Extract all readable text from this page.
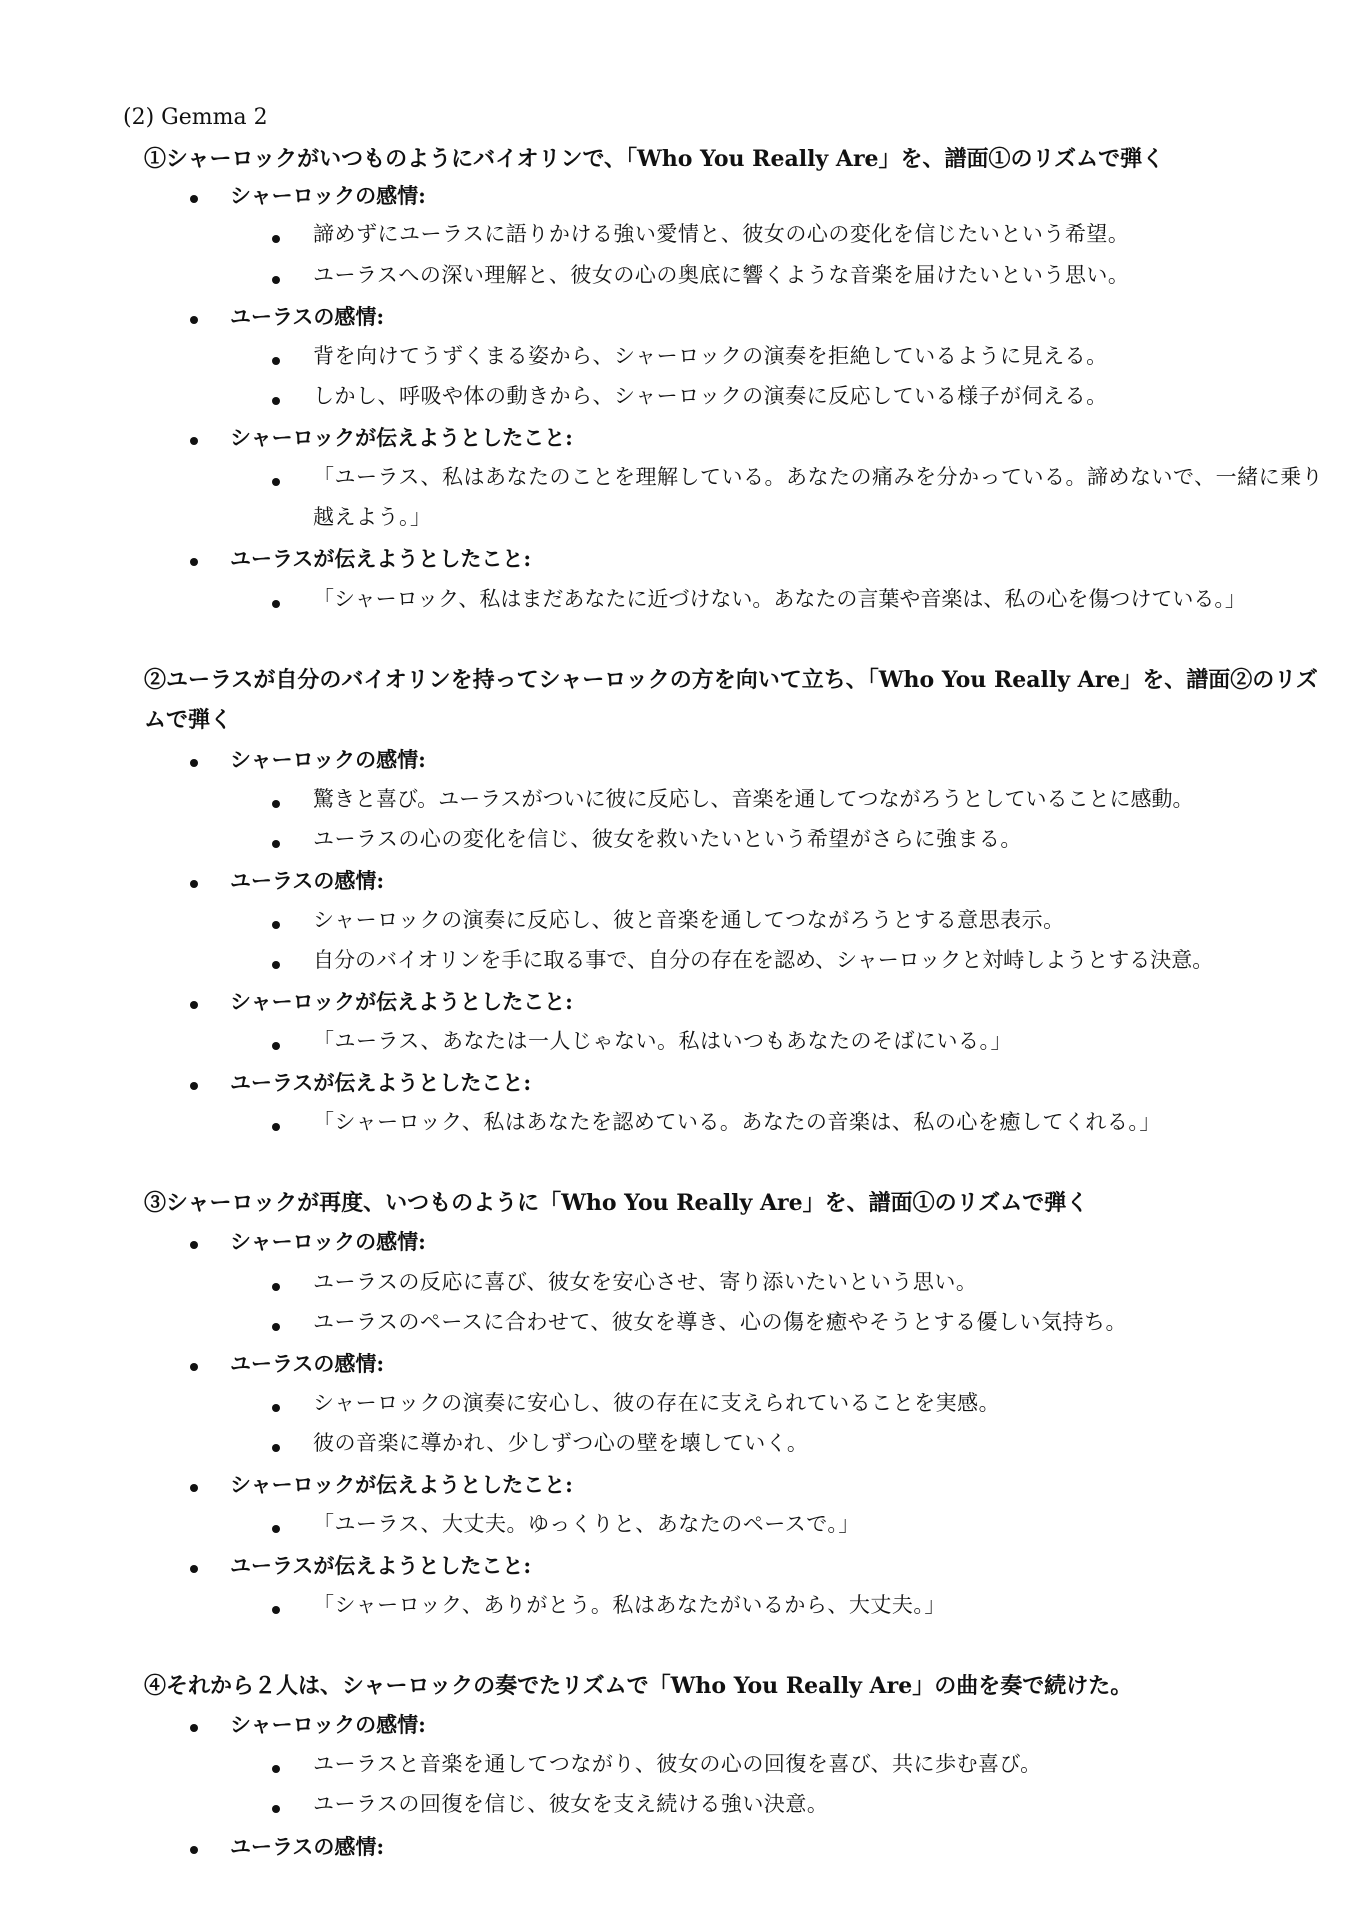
(2) Gemma 2
①シャーロックがいつものようにバイオリンで、「Who You Really Are」を、譜面①のリズムで弾く
シャーロックの感情:
諦めずにユーラスに語りかける強い愛情と、彼女の心の変化を信じたいという希望。
ユーラスへの深い理解と、彼女の心の奥底に響くような音楽を届けたいという思い。
ユーラスの感情:
背を向けてうずくまる姿から、シャーロックの演奏を拒絶しているように見える。
しかし、呼吸や体の動きから、シャーロックの演奏に反応している様子が伺える。
シャーロックが伝えようとしたこと:
「ユーラス、私はあなたのことを理解している。あなたの痛みを分かっている。諦めないで、一緒に乗り越えよう。」
ユーラスが伝えようとしたこと:
「シャーロック、私はまだあなたに近づけない。あなたの言葉や音楽は、私の心を傷つけている。」
②ユーラスが自分のバイオリンを持ってシャーロックの方を向いて立ち、「Who You Really Are」を、譜面②のリズムで弾く
シャーロックの感情:
驚きと喜び。ユーラスがついに彼に反応し、音楽を通してつながろうとしていることに感動。
ユーラスの心の変化を信じ、彼女を救いたいという希望がさらに強まる。
ユーラスの感情:
シャーロックの演奏に反応し、彼と音楽を通してつながろうとする意思表示。
自分のバイオリンを手に取る事で、自分の存在を認め、シャーロックと対峙しようとする決意。
シャーロックが伝えようとしたこと:
「ユーラス、あなたは一人じゃない。私はいつもあなたのそばにいる。」
ユーラスが伝えようとしたこと:
「シャーロック、私はあなたを認めている。あなたの音楽は、私の心を癒してくれる。」
③シャーロックが再度、いつものように「Who You Really Are」を、譜面①のリズムで弾く
シャーロックの感情:
ユーラスの反応に喜び、彼女を安心させ、寄り添いたいという思い。
ユーラスのペースに合わせて、彼女を導き、心の傷を癒やそうとする優しい気持ち。
ユーラスの感情:
シャーロックの演奏に安心し、彼の存在に支えられていることを実感。
彼の音楽に導かれ、少しずつ心の壁を壊していく。
シャーロックが伝えようとしたこと:
「ユーラス、大丈夫。ゆっくりと、あなたのペースで。」
ユーラスが伝えようとしたこと:
「シャーロック、ありがとう。私はあなたがいるから、大丈夫。」
④それから２人は、シャーロックの奏でたリズムで「Who You Really Are」の曲を奏で続けた。
シャーロックの感情:
ユーラスと音楽を通してつながり、彼女の心の回復を喜び、共に歩む喜び。
ユーラスの回復を信じ、彼女を支え続ける強い決意。
ユーラスの感情:
